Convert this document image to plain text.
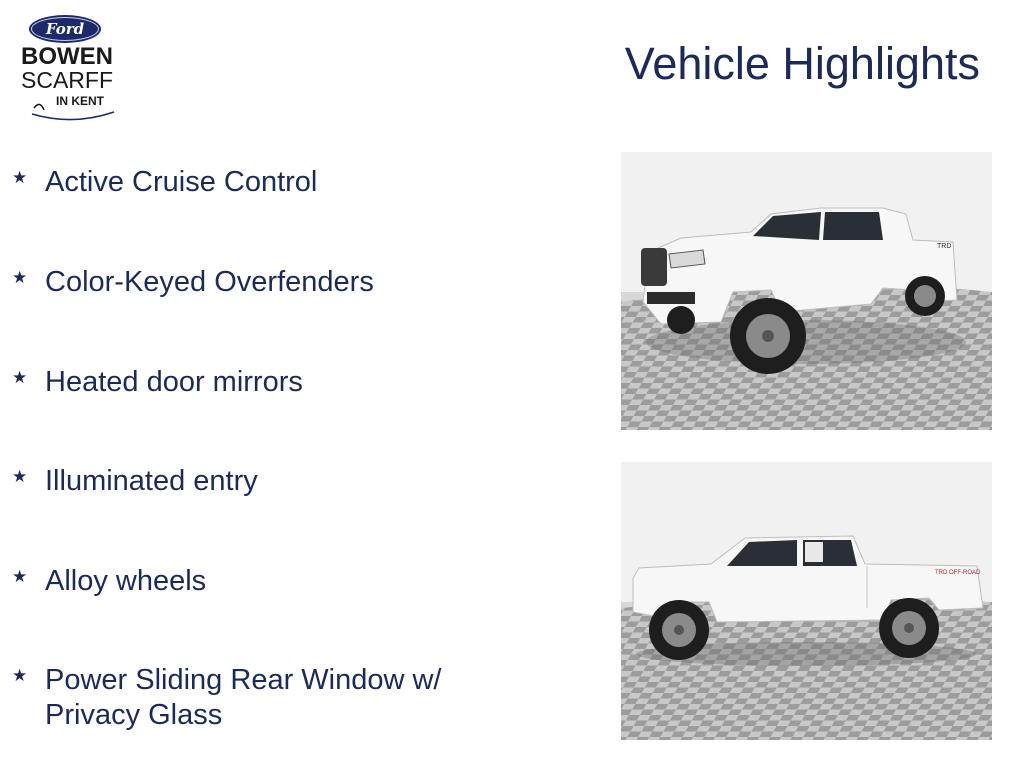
Ford
BOWEN
SCARFF
IN KENT
Vehicle Highlights
★ Active Cruise Control
★ Color-Keyed Overfenders
★ Heated door mirrors
★ Illuminated entry
★ Alloy wheels
★ Power Sliding Rear Window w/ Privacy Glass
TRD
TRD OFF-ROAD
